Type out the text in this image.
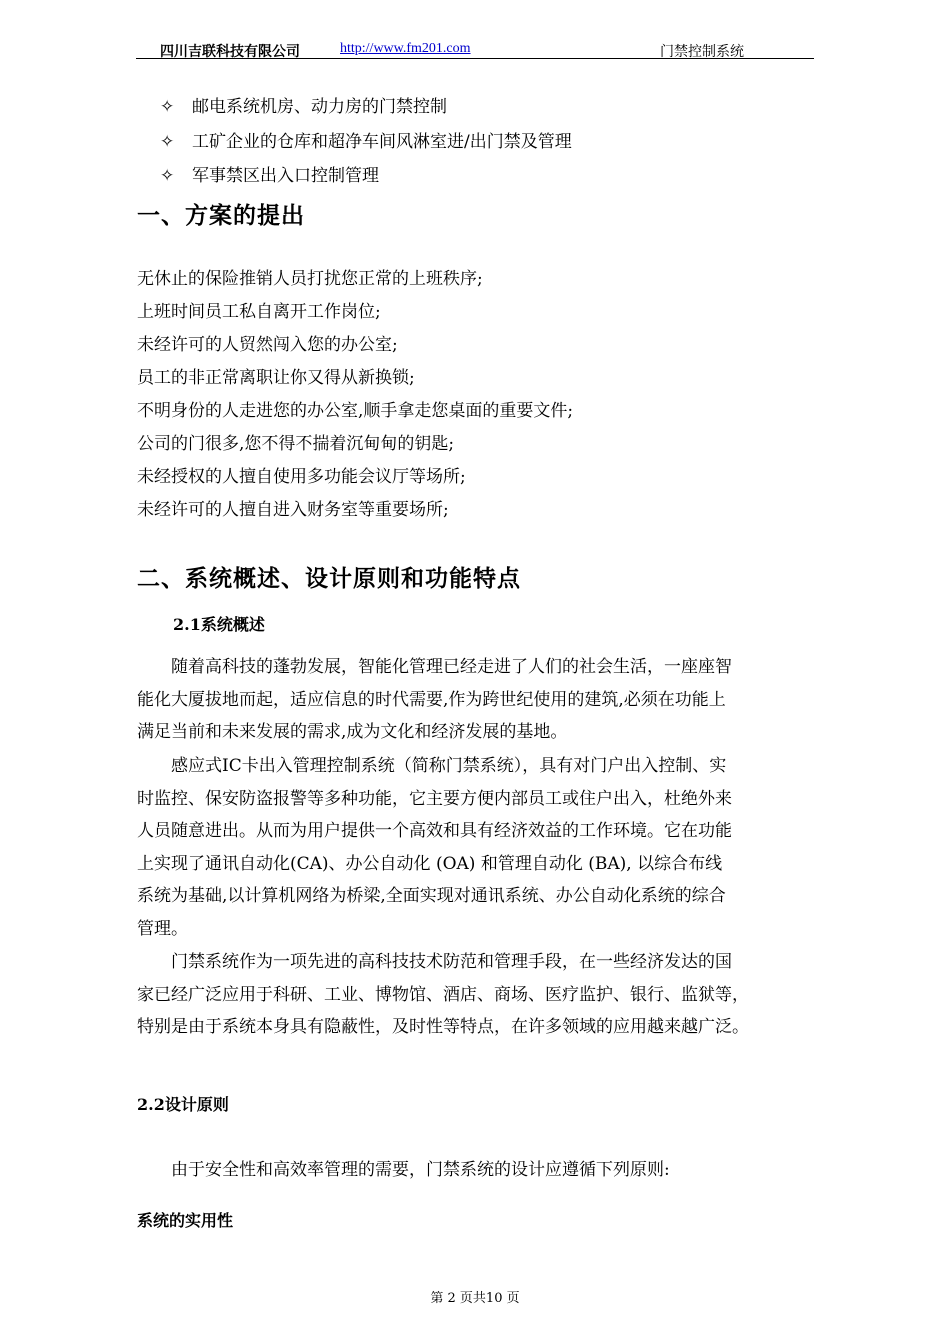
四川吉联科技有限公司	http://www.fm201.com	门禁控制系统
✧ 邮电系统机房、动力房的门禁控制
✧ 工矿企业的仓库和超净车间风淋室进/出门禁及管理
✧ 军事禁区出入口控制管理
一、方案的提出
无休止的保险推销人员打扰您正常的上班秩序;
上班时间员工私自离开工作岗位;
未经许可的人贸然闯入您的办公室;
员工的非正常离职让你又得从新换锁;
不明身份的人走进您的办公室,顺手拿走您桌面的重要文件;
公司的门很多,您不得不揣着沉甸甸的钥匙;
未经授权的人擅自使用多功能会议厅等场所;
未经许可的人擅自进入财务室等重要场所;
二、系统概述、设计原则和功能特点
2.1系统概述
随着高科技的蓬勃发展，智能化管理已经走进了人们的社会生活，一座座智
能化大厦拔地而起，适应信息的时代需要,作为跨世纪使用的建筑,必须在功能上
满足当前和未来发展的需求,成为文化和经济发展的基地。
感应式IC卡出入管理控制系统（简称门禁系统），具有对门户出入控制、实
时监控、保安防盗报警等多种功能，它主要方便内部员工或住户出入，杜绝外来
人员随意进出。从而为用户提供一个高效和具有经济效益的工作环境。它在功能
上实现了通讯自动化(CA)、办公自动化 (OA) 和管理自动化 (BA), 以综合布线
系统为基础,以计算机网络为桥梁,全面实现对通讯系统、办公自动化系统的综合
管理。
门禁系统作为一项先进的高科技技术防范和管理手段，在一些经济发达的国
家已经广泛应用于科研、工业、博物馆、酒店、商场、医疗监护、银行、监狱等，
特别是由于系统本身具有隐蔽性，及时性等特点，在许多领域的应用越来越广泛。
2.2设计原则
由于安全性和高效率管理的需要，门禁系统的设计应遵循下列原则:
系统的实用性
第 2 页共10 页
